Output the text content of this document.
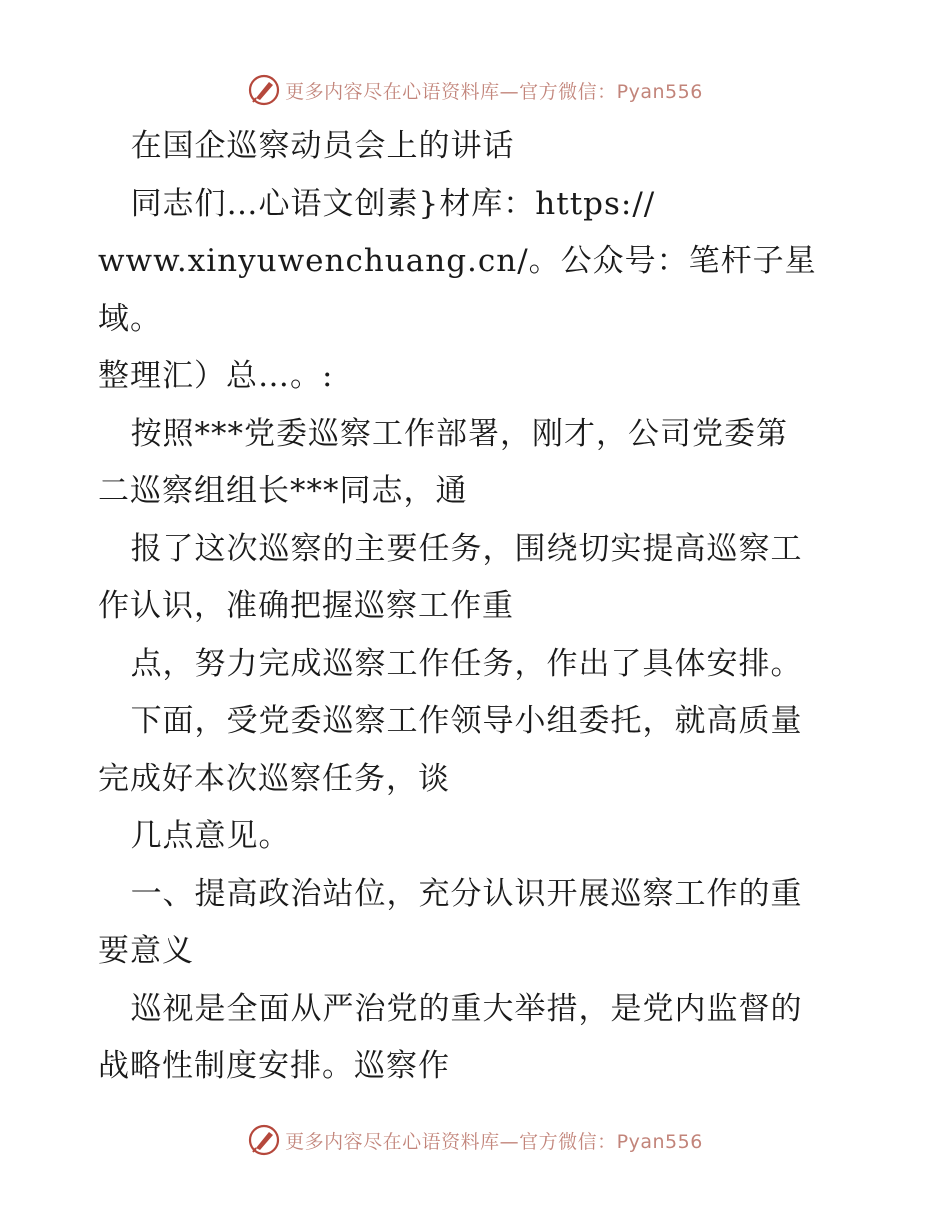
更多内容尽在心语资料库—官方微信：Pyan556

在国企巡察动员会上的讲话

同志们…心语文创素}材库：https://

www.xinyuwenchuang.cn/。公众号：笔杆子星域。

整理汇）总…。:

按照***党委巡察工作部署，刚才，公司党委第

二巡察组组长***同志，通

报了这次巡察的主要任务，围绕切实提高巡察工

作认识，准确把握巡察工作重

点，努力完成巡察工作任务，作出了具体安排。

下面，受党委巡察工作领导小组委托，就高质量

完成好本次巡察任务，谈

几点意见。

一、提高政治站位，充分认识开展巡察工作的重

要意义

巡视是全面从严治党的重大举措，是党内监督的

战略性制度安排。巡察作

更多内容尽在心语资料库—官方微信：Pyan556
